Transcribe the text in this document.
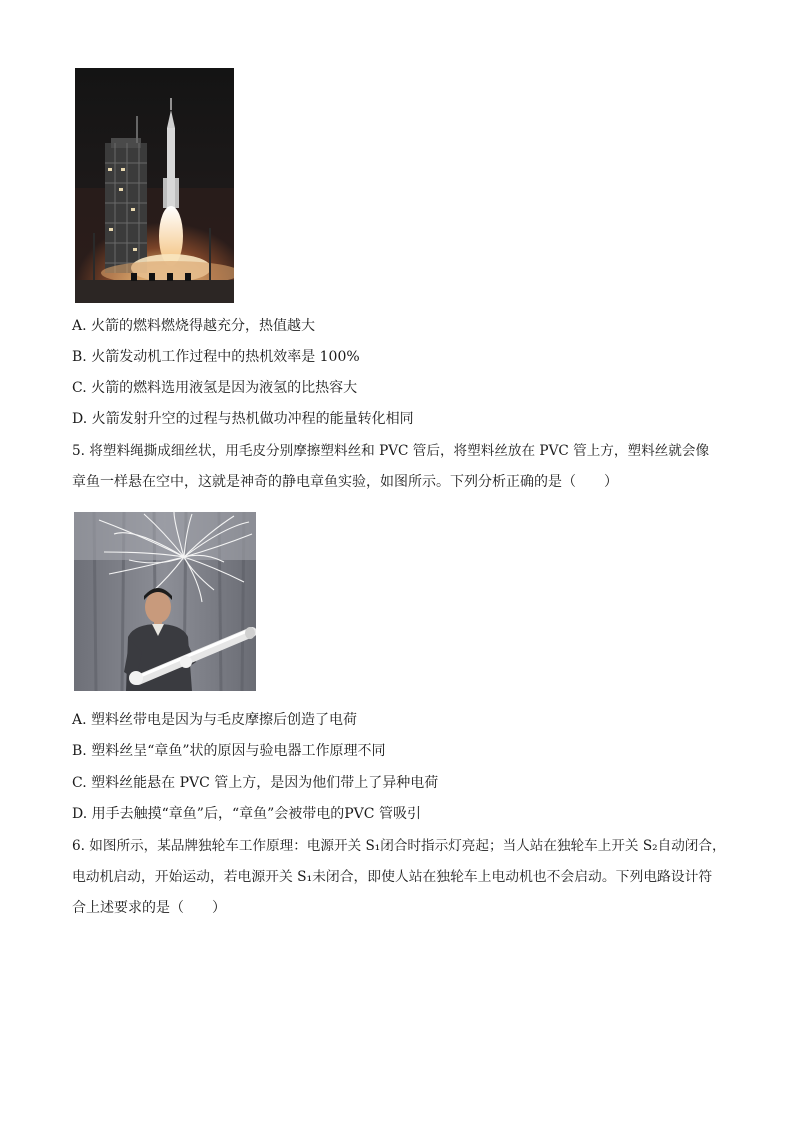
A. 火箭的燃料燃烧得越充分，热值越大
B. 火箭发动机工作过程中的热机效率是 100%
C. 火箭的燃料选用液氢是因为液氢的比热容大
D. 火箭发射升空的过程与热机做功冲程的能量转化相同
5. 将塑料绳撕成细丝状，用毛皮分别摩擦塑料丝和 PVC 管后，将塑料丝放在 PVC 管上方，塑料丝就会像
章鱼一样悬在空中，这就是神奇的静电章鱼实验，如图所示。下列分析正确的是（　　）
A. 塑料丝带电是因为与毛皮摩擦后创造了电荷
B. 塑料丝呈“章鱼”状的原因与验电器工作原理不同
C. 塑料丝能悬在 PVC 管上方，是因为他们带上了异种电荷
D. 用手去触摸“章鱼”后，“章鱼”会被带电的PVC 管吸引
6. 如图所示，某品牌独轮车工作原理：电源开关 S₁闭合时指示灯亮起；当人站在独轮车上开关 S₂自动闭合，
电动机启动，开始运动，若电源开关 S₁未闭合，即使人站在独轮车上电动机也不会启动。下列电路设计符
合上述要求的是（　　）
